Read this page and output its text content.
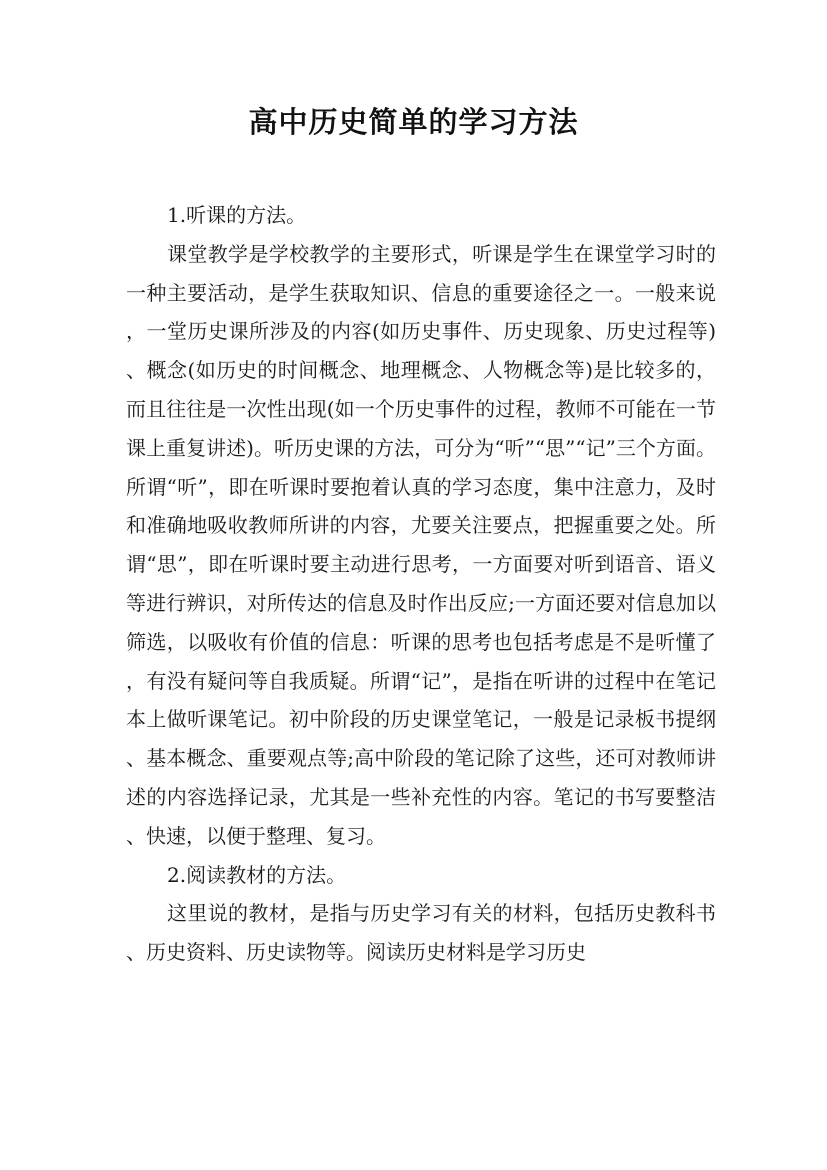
高中历史简单的学习方法

1.听课的方法。

课堂教学是学校教学的主要形式，听课是学生在课堂学习时的一种主要活动，是学生获取知识、信息的重要途径之一。一般来说，一堂历史课所涉及的内容(如历史事件、历史现象、历史过程等)、概念(如历史的时间概念、地理概念、人物概念等)是比较多的，而且往往是一次性出现(如一个历史事件的过程，教师不可能在一节课上重复讲述)。听历史课的方法，可分为“听”“思”“记”三个方面。所谓“听”，即在听课时要抱着认真的学习态度，集中注意力，及时和准确地吸收教师所讲的内容，尤要关注要点，把握重要之处。所谓“思”，即在听课时要主动进行思考，一方面要对听到语音、语义等进行辨识，对所传达的信息及时作出反应;一方面还要对信息加以筛选，以吸收有价值的信息：听课的思考也包括考虑是不是听懂了，有没有疑问等自我质疑。所谓“记”，是指在听讲的过程中在笔记本上做听课笔记。初中阶段的历史课堂笔记，一般是记录板书提纲、基本概念、重要观点等;高中阶段的笔记除了这些，还可对教师讲述的内容选择记录，尤其是一些补充性的内容。笔记的书写要整洁、快速，以便于整理、复习。

2.阅读教材的方法。

这里说的教材，是指与历史学习有关的材料，包括历史教科书、历史资料、历史读物等。阅读历史材料是学习历史
